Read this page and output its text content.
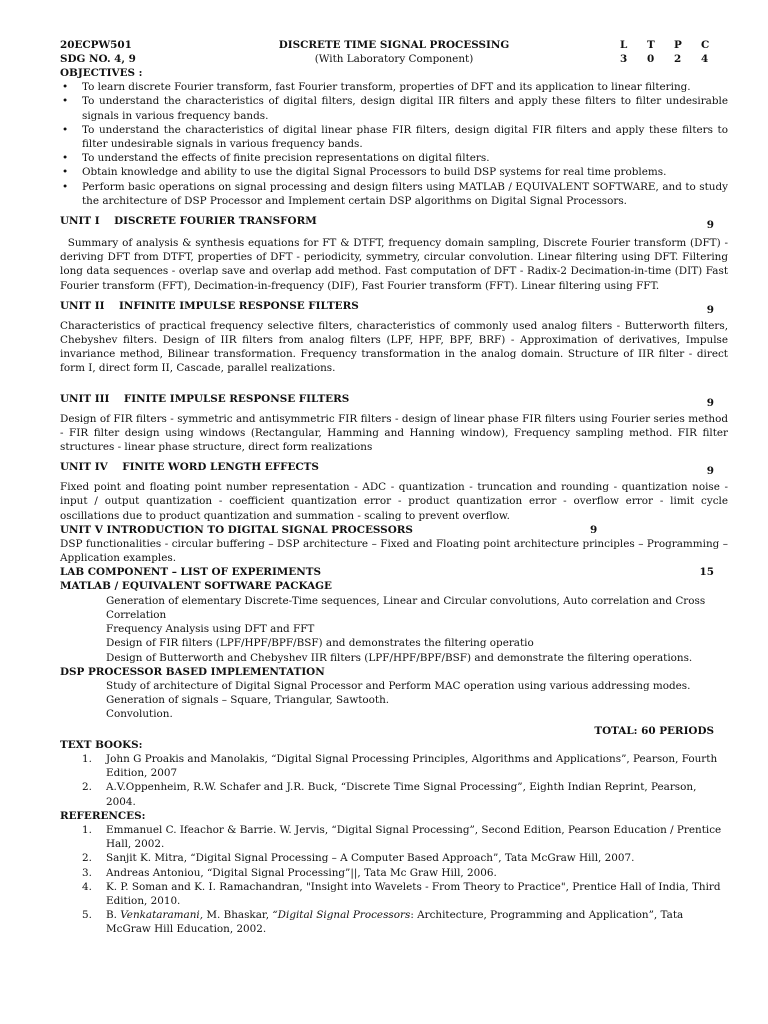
20ECPW501
SDG NO. 4, 9
DISCRETE TIME SIGNAL PROCESSING
(With Laboratory Component)
L T P C
3 0 2 4
OBJECTIVES :
• To learn discrete Fourier transform, fast Fourier transform, properties of DFT and its application to linear filtering.
• To understand the characteristics of digital filters, design digital IIR filters and apply these filters to filter undesirable signals in various frequency bands.
• To understand the characteristics of digital linear phase FIR filters, design digital FIR filters and apply these filters to filter undesirable signals in various frequency bands.
• To understand the effects of finite precision representations on digital filters.
• Obtain knowledge and ability to use the digital Signal Processors to build DSP systems for real time problems.
• Perform basic operations on signal processing and design filters using MATLAB / EQUIVALENT SOFTWARE, and to study the architecture of DSP Processor and Implement certain DSP algorithms on Digital Signal Processors.
UNIT I DISCRETE FOURIER TRANSFORM	9
Summary of analysis & synthesis equations for FT & DTFT, frequency domain sampling, Discrete Fourier transform (DFT) - deriving DFT from DTFT, properties of DFT - periodicity, symmetry, circular convolution. Linear filtering using DFT. Filtering long data sequences - overlap save and overlap add method. Fast computation of DFT - Radix-2 Decimation-in-time (DIT) Fast Fourier transform (FFT), Decimation-in-frequency (DIF), Fast Fourier transform (FFT). Linear filtering using FFT.
UNIT II INFINITE IMPULSE RESPONSE FILTERS	9
Characteristics of practical frequency selective filters, characteristics of commonly used analog filters - Butterworth filters, Chebyshev filters. Design of IIR filters from analog filters (LPF, HPF, BPF, BRF) - Approximation of derivatives, Impulse invariance method, Bilinear transformation. Frequency transformation in the analog domain. Structure of IIR filter - direct form I, direct form II, Cascade, parallel realizations.
UNIT III FINITE IMPULSE RESPONSE FILTERS	9
Design of FIR filters - symmetric and antisymmetric FIR filters - design of linear phase FIR filters using Fourier series method - FIR filter design using windows (Rectangular, Hamming and Hanning window), Frequency sampling method. FIR filter structures - linear phase structure, direct form realizations
UNIT IV FINITE WORD LENGTH EFFECTS	9
Fixed point and floating point number representation - ADC - quantization - truncation and rounding - quantization noise - input / output quantization - coefficient quantization error - product quantization error - overflow error - limit cycle oscillations due to product quantization and summation - scaling to prevent overflow.
UNIT V INTRODUCTION TO DIGITAL SIGNAL PROCESSORS	9
DSP functionalities - circular buffering – DSP architecture – Fixed and Floating point architecture principles – Programming – Application examples.
LAB COMPONENT – LIST OF EXPERIMENTS	15
MATLAB / EQUIVALENT SOFTWARE PACKAGE
Generation of elementary Discrete-Time sequences, Linear and Circular convolutions, Auto correlation and Cross Correlation
Frequency Analysis using DFT and FFT
Design of FIR filters (LPF/HPF/BPF/BSF) and demonstrates the filtering operatio
Design of Butterworth and Chebyshev IIR filters (LPF/HPF/BPF/BSF) and demonstrate the filtering operations.
DSP PROCESSOR BASED IMPLEMENTATION
Study of architecture of Digital Signal Processor and Perform MAC operation using various addressing modes.
Generation of signals – Square, Triangular, Sawtooth.
Convolution.
TOTAL: 60 PERIODS
TEXT BOOKS:
1. John G Proakis and Manolakis, “Digital Signal Processing Principles, Algorithms and Applications”, Pearson, Fourth Edition, 2007
2. A.V.Oppenheim, R.W. Schafer and J.R. Buck, “Discrete Time Signal Processing”, Eighth Indian Reprint, Pearson, 2004.
REFERENCES:
1. Emmanuel C. Ifeachor & Barrie. W. Jervis, “Digital Signal Processing”, Second Edition, Pearson Education / Prentice Hall, 2002.
2. Sanjit K. Mitra, “Digital Signal Processing – A Computer Based Approach”, Tata McGraw Hill, 2007.
3. Andreas Antoniou, “Digital Signal Processing”||, Tata Mc Graw Hill, 2006.
4. K. P. Soman and K. I. Ramachandran, "Insight into Wavelets - From Theory to Practice", Prentice Hall of India, Third Edition, 2010.
5. B. Venkataramani, M. Bhaskar, “Digital Signal Processors: Architecture, Programming and Application”, Tata McGraw Hill Education, 2002.
